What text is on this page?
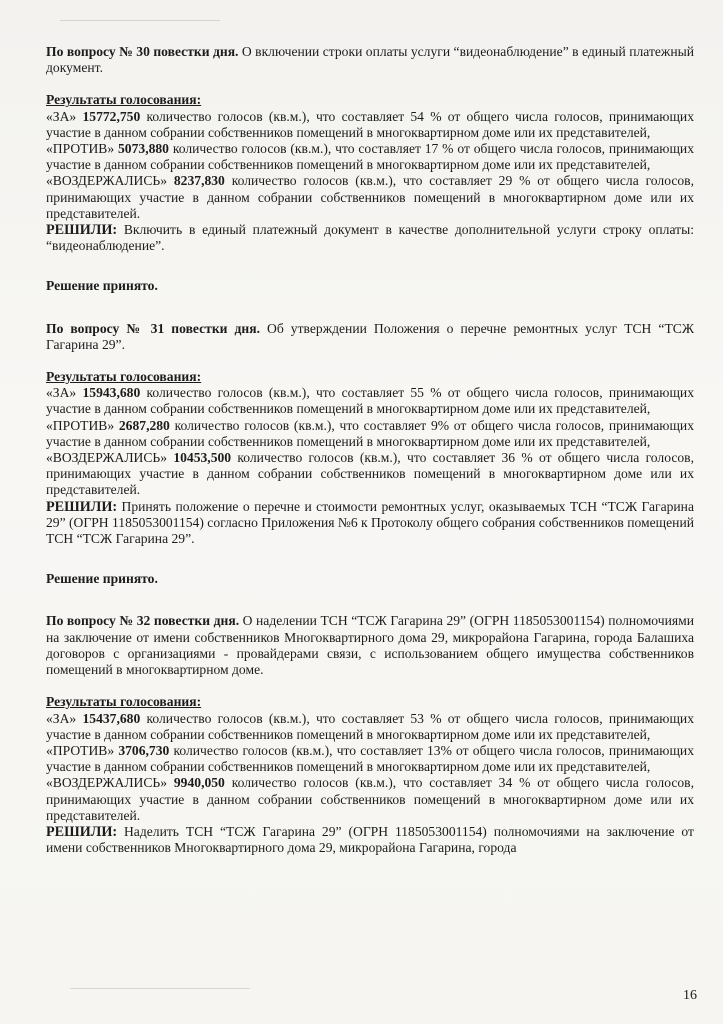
По вопросу № 30 повестки дня. О включении строки оплаты услуги “видеонаблюдение” в единый платежный документ.

Результаты голосования:

«ЗА» 15772,750 количество голосов (кв.м.), что составляет 54 % от общего числа голосов, принимающих участие в данном собрании собственников помещений в многоквартирном доме или их представителей,

«ПРОТИВ» 5073,880 количество голосов (кв.м.), что составляет 17 % от общего числа голосов, принимающих участие в данном собрании собственников помещений в многоквартирном доме или их представителей,

«ВОЗДЕРЖАЛИСЬ» 8237,830 количество голосов (кв.м.), что составляет 29 % от общего числа голосов, принимающих участие в данном собрании собственников помещений в многоквартирном доме или их представителей.

РЕШИЛИ: Включить в единый платежный документ в качестве дополнительной услуги строку оплаты: “видеонаблюдение”.

Решение принято.

По вопросу № 31 повестки дня. Об утверждении Положения о перечне ремонтных услуг ТСН “ТСЖ Гагарина 29”.

Результаты голосования:

«ЗА» 15943,680 количество голосов (кв.м.), что составляет 55 % от общего числа голосов, принимающих участие в данном собрании собственников помещений в многоквартирном доме или их представителей,

«ПРОТИВ» 2687,280 количество голосов (кв.м.), что составляет 9% от общего числа голосов, принимающих участие в данном собрании собственников помещений в многоквартирном доме или их представителей,

«ВОЗДЕРЖАЛИСЬ» 10453,500 количество голосов (кв.м.), что составляет 36 % от общего числа голосов, принимающих участие в данном собрании собственников помещений в многоквартирном доме или их представителей.

РЕШИЛИ: Принять положение о перечне и стоимости ремонтных услуг, оказываемых ТСН “ТСЖ Гагарина 29” (ОГРН 1185053001154) согласно Приложения №6 к Протоколу общего собрания собственников помещений ТСН “ТСЖ Гагарина 29”.

Решение принято.

По вопросу № 32 повестки дня. О наделении ТСН “ТСЖ Гагарина 29” (ОГРН 1185053001154) полномочиями на заключение от имени собственников Многоквартирного дома 29, микрорайона Гагарина, города Балашиха договоров с организациями - провайдерами связи, с использованием общего имущества собственников помещений в многоквартирном доме.

Результаты голосования:

«ЗА» 15437,680 количество голосов (кв.м.), что составляет 53 % от общего числа голосов, принимающих участие в данном собрании собственников помещений в многоквартирном доме или их представителей,

«ПРОТИВ» 3706,730 количество голосов (кв.м.), что составляет 13% от общего числа голосов, принимающих участие в данном собрании собственников помещений в многоквартирном доме или их представителей,

«ВОЗДЕРЖАЛИСЬ» 9940,050 количество голосов (кв.м.), что составляет 34 % от общего числа голосов, принимающих участие в данном собрании собственников помещений в многоквартирном доме или их представителей.

РЕШИЛИ: Наделить ТСН “ТСЖ Гагарина 29” (ОГРН 1185053001154) полномочиями на заключение от имени собственников Многоквартирного дома 29, микрорайона Гагарина, города

16
